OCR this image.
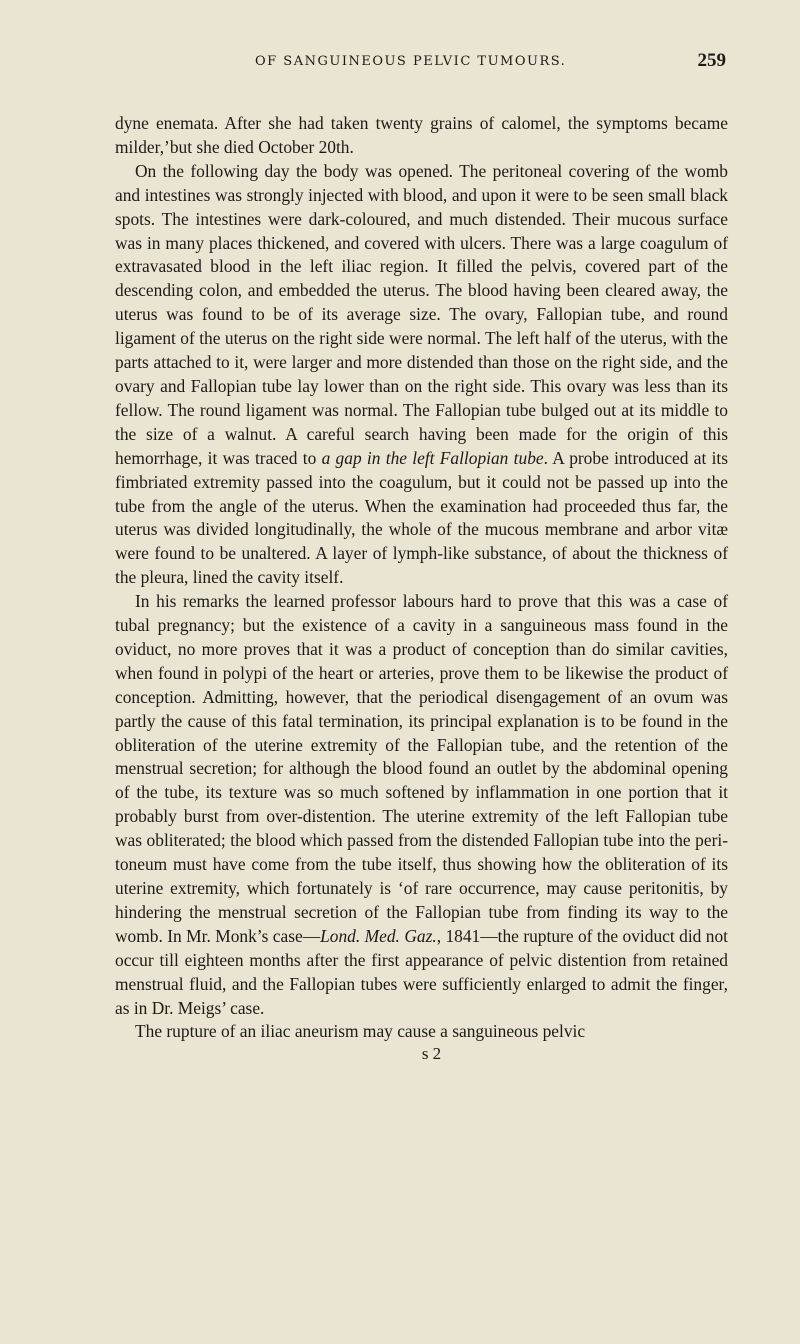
OF SANGUINEOUS PELVIC TUMOURS.	259

dyne enemata. After she had taken twenty grains of calomel, the symptoms became milder,’but she died October 20th.

On the following day the body was opened. The peritoneal covering of the womb and intestines was strongly injected with blood, and upon it were to be seen small black spots. The intestines were dark-coloured, and much distended. Their mucous surface was in many places thickened, and covered with ulcers. There was a large coagulum of extravasated blood in the left iliac region. It filled the pelvis, covered part of the descending colon, and embedded the uterus. The blood having been cleared away, the uterus was found to be of its average size. The ovary, Fallopian tube, and round ligament of the uterus on the right side were normal. The left half of the uterus, with the parts attached to it, were larger and more distended than those on the right side, and the ovary and Fallopian tube lay lower than on the right side. This ovary was less than its fellow. The round ligament was normal. The Fallopian tube bulged out at its middle to the size of a walnut. A careful search having been made for the origin of this hemorrhage, it was traced to a gap in the left Fallopian tube. A probe introduced at its fimbriated extremity passed into the coagulum, but it could not be passed up into the tube from the angle of the uterus. When the examination had proceeded thus far, the uterus was divided longitudinally, the whole of the mucous membrane and arbor vitæ were found to be unaltered. A layer of lymph-like substance, of about the thickness of the pleura, lined the cavity itself.

In his remarks the learned professor labours hard to prove that this was a case of tubal pregnancy; but the existence of a cavity in a sanguineous mass found in the oviduct, no more proves that it was a product of conception than do similar cavities, when found in polypi of the heart or arteries, prove them to be likewise the product of conception. Admitting, however, that the periodical disengagement of an ovum was partly the cause of this fatal termination, its principal explanation is to be found in the obliteration of the uterine extremity of the Fallopian tube, and the retention of the menstrual secretion; for although the blood found an outlet by the abdominal opening of the tube, its texture was so much softened by inflammation in one portion that it probably burst from over-distention. The uterine extremity of the left Fallopian tube was obliterated; the blood which passed from the distended Fallopian tube into the peritoneum must have come from the tube itself, thus showing how the obliteration of its uterine extremity, which fortunately is ‘of rare occurrence, may cause peritonitis, by hindering the menstrual secretion of the Fallopian tube from finding its way to the womb. In Mr. Monk’s case—Lond. Med. Gaz., 1841—the rupture of the oviduct did not occur till eighteen months after the first appearance of pelvic distention from retained menstrual fluid, and the Fallopian tubes were sufficiently enlarged to admit the finger, as in Dr. Meigs’ case.

The rupture of an iliac aneurism may cause a sanguineous pelvic

s 2
